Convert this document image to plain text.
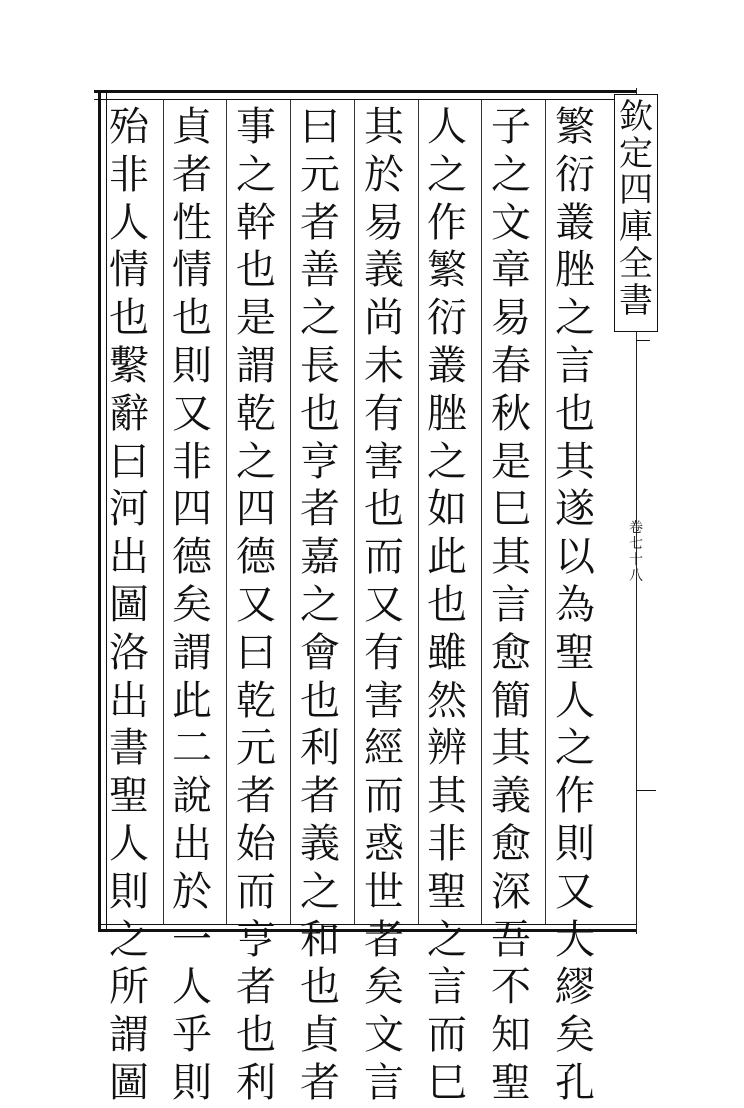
欽
定
四
庫
全
書
卷
七
十
八
繁
衍
叢
脞
之
言
也
其
遂
以
為
聖
人
之
作
則
又
大
繆
矣
孔
子
之
文
章
易
春
秋
是
巳
其
言
愈
簡
其
義
愈
深
吾
不
知
聖
人
之
作
繁
衍
叢
脞
之
如
此
也
雖
然
辨
其
非
聖
之
言
而
巳
其
於
易
義
尚
未
有
害
也
而
又
有
害
經
而
惑
世
者
矣
文
言
曰
元
者
善
之
長
也
亨
者
嘉
之
會
也
利
者
義
之
和
也
貞
者
事
之
幹
也
是
謂
乾
之
四
德
又
曰
乾
元
者
始
而
亨
者
也
利
貞
者
性
情
也
則
又
非
四
德
矣
謂
此
二
說
出
於
一
人
乎
則
殆
非
人
情
也
繫
辭
曰
河
出
圖
洛
出
書
聖
人
則
之
所
謂
圖
